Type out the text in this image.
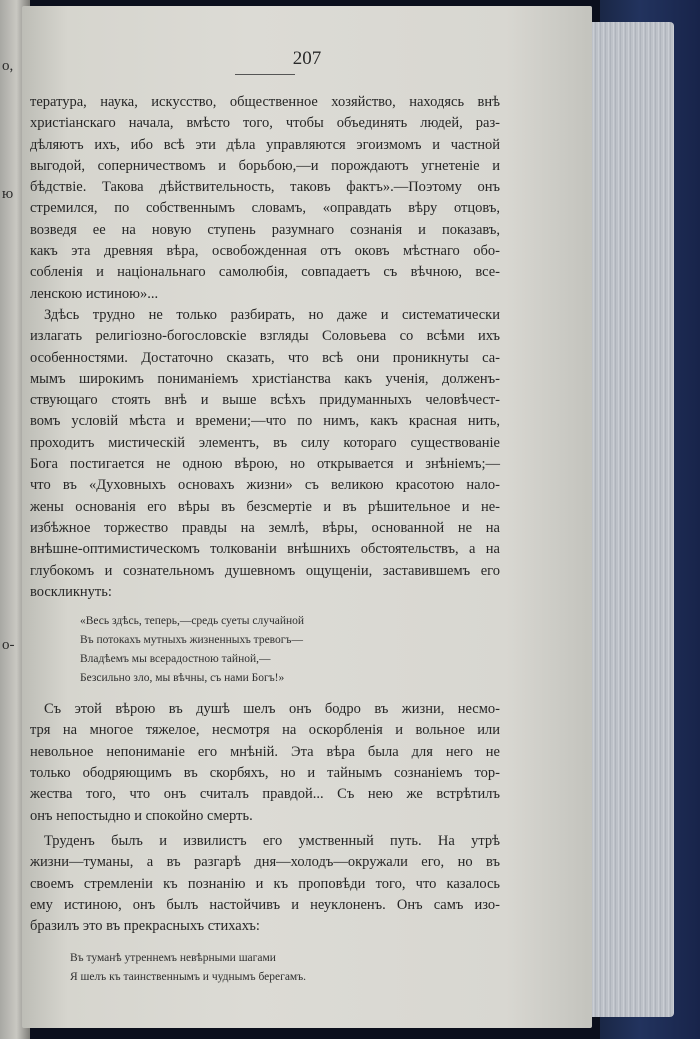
о,
ю
о-
207
тература, наука, искусство, общественное хозяйство, находясь внѣ
христіанскаго начала, вмѣсто того, чтобы объединять людей, раз-
дѣляютъ ихъ, ибо всѣ эти дѣла управляются эгоизмомъ и частной
выгодой, соперничествомъ и борьбою,—и порождаютъ угнетеніе и
бѣдствіе. Такова дѣйствительность, таковъ фактъ».—Поэтому онъ
стремился, по собственнымъ словамъ, «оправдать вѣру отцовъ,
возведя ее на новую ступень разумнаго сознанія и показавъ,
какъ эта древняя вѣра, освобожденная отъ оковъ мѣстнаго обо-
собленія и національнаго самолюбія, совпадаетъ съ вѣчною, все-
ленскою истиною»...
Здѣсь трудно не только разбирать, но даже и систематически
излагать религіозно-богословскіе взгляды Соловьева со всѣми ихъ
особенностями. Достаточно сказать, что всѣ они проникнуты са-
мымъ широкимъ пониманіемъ христіанства какъ ученія, долженъ-
ствующаго стоять внѣ и выше всѣхъ придуманныхъ человѣчест-
вомъ условій мѣста и времени;—что по нимъ, какъ красная нить,
проходитъ мистическій элементъ, въ силу котораго существованіе
Бога постигается не одною вѣрою, но открывается и знѣніемъ;—
что въ «Духовныхъ основахъ жизни» съ великою красотою нало-
жены основанія его вѣры въ безсмертіе и въ рѣшительное и не-
избѣжное торжество правды на землѣ, вѣры, основанной не на
внѣшне-оптимистическомъ толкованіи внѣшнихъ обстоятельствъ, а на
глубокомъ и сознательномъ душевномъ ощущеніи, заставившемъ его
воскликнуть:
«Весь здѣсь, теперь,—средь суеты случайной
Въ потокахъ мутныхъ жизненныхъ тревогъ—
Владѣемъ мы всерадостною тайной,—
Безсильно зло, мы вѣчны, съ нами Богъ!»
Съ этой вѣрою въ душѣ шелъ онъ бодро въ жизни, несмо-
тря на многое тяжелое, несмотря на оскорбленія и вольное или
невольное непониманіе его мнѣній. Эта вѣра была для него не
только ободряющимъ въ скорбяхъ, но и тайнымъ сознаніемъ тор-
жества того, что онъ считалъ правдой... Съ нею же встрѣтилъ
онъ непостыдно и спокойно смерть.
Труденъ былъ и извилистъ его умственный путь. На утрѣ
жизни—туманы, а въ разгарѣ дня—холодъ—окружали его, но въ
своемъ стремленіи къ познанію и къ проповѣди того, что казалось
ему истиною, онъ былъ настойчивъ и неуклоненъ. Онъ самъ изо-
бразилъ это въ прекрасныхъ стихахъ:
Въ туманѣ утреннемъ невѣрными шагами
Я шелъ къ таинственнымъ и чуднымъ берегамъ.
